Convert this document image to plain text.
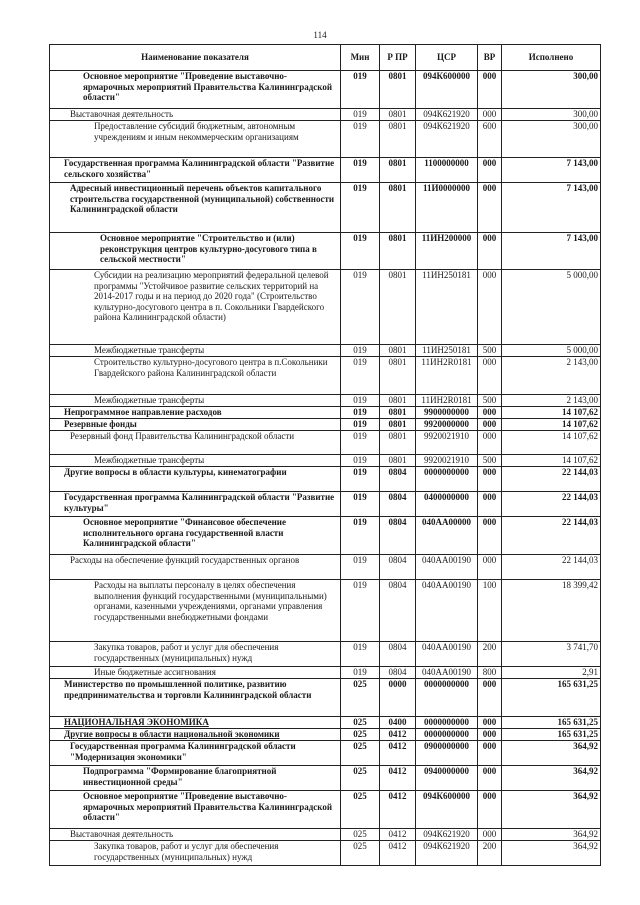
114
Наименование показателя	Мин	Р ПР	ЦСР	ВР	Исполнено
Основное мероприятие "Проведение выставочно-ярмарочных мероприятий Правительства Калининградской области"	019	0801	094К600000	000	300,00
Выставочная деятельность	019	0801	094К621920	000	300,00
Предоставление субсидий бюджетным, автономным учреждениям и иным некоммерческим организациям	019	0801	094К621920	600	300,00
Государственная программа Калининградской области "Развитие сельского хозяйства"	019	0801	1100000000	000	7 143,00
Адресный инвестиционный перечень объектов капитального строительства государственной (муниципальной) собственности Калининградской области	019	0801	11И0000000	000	7 143,00
Основное мероприятие "Строительство и (или) реконструкция центров культурно-досугового типа в сельской местности"	019	0801	11ИН200000	000	7 143,00
Субсидии на реализацию мероприятий федеральной целевой программы "Устойчивое развитие сельских территорий на 2014-2017 годы и на период до 2020 года" (Строительство культурно-досугового центра в п. Сокольники Гвардейского района Калининградской области)	019	0801	11ИН250181	000	5 000,00
Межбюджетные трансферты	019	0801	11ИН250181	500	5 000,00
Строительство культурно-досугового центра в п.Сокольники Гвардейского района Калининградской области	019	0801	11ИН2R0181	000	2 143,00
Межбюджетные трансферты	019	0801	11ИН2R0181	500	2 143,00
Непрограммное направление расходов	019	0801	9900000000	000	14 107,62
Резервные фонды	019	0801	9920000000	000	14 107,62
Резервный фонд Правительства Калининградской области	019	0801	9920021910	000	14 107,62
Межбюджетные трансферты	019	0801	9920021910	500	14 107,62
Другие вопросы в области культуры, кинематографии	019	0804	0000000000	000	22 144,03
Государственная программа Калининградской области "Развитие культуры"	019	0804	0400000000	000	22 144,03
Основное мероприятие "Финансовое обеспечение исполнительного органа государственной власти Калининградской области"	019	0804	040АА00000	000	22 144,03
Расходы на обеспечение функций государственных органов	019	0804	040АА00190	000	22 144,03
Расходы на выплаты персоналу в целях обеспечения выполнения функций государственными (муниципальными) органами, казенными учреждениями, органами управления государственными внебюджетными фондами	019	0804	040АА00190	100	18 399,42
Закупка товаров, работ и услуг для обеспечения государственных (муниципальных) нужд	019	0804	040АА00190	200	3 741,70
Иные бюджетные ассигнования	019	0804	040АА00190	800	2,91
Министерство по промышленной политике, развитию предпринимательства и торговли Калининградской области	025	0000	0000000000	000	165 631,25
НАЦИОНАЛЬНАЯ ЭКОНОМИКА	025	0400	0000000000	000	165 631,25
Другие вопросы в области национальной экономики	025	0412	0000000000	000	165 631,25
Государственная программа Калининградской области "Модернизация экономики"	025	0412	0900000000	000	364,92
Подпрограмма "Формирование благоприятной инвестиционной среды"	025	0412	0940000000	000	364,92
Основное мероприятие "Проведение выставочно-ярмарочных мероприятий Правительства Калининградской области"	025	0412	094К600000	000	364,92
Выставочная деятельность	025	0412	094К621920	000	364,92
Закупка товаров, работ и услуг для обеспечения государственных (муниципальных) нужд	025	0412	094К621920	200	364,92
